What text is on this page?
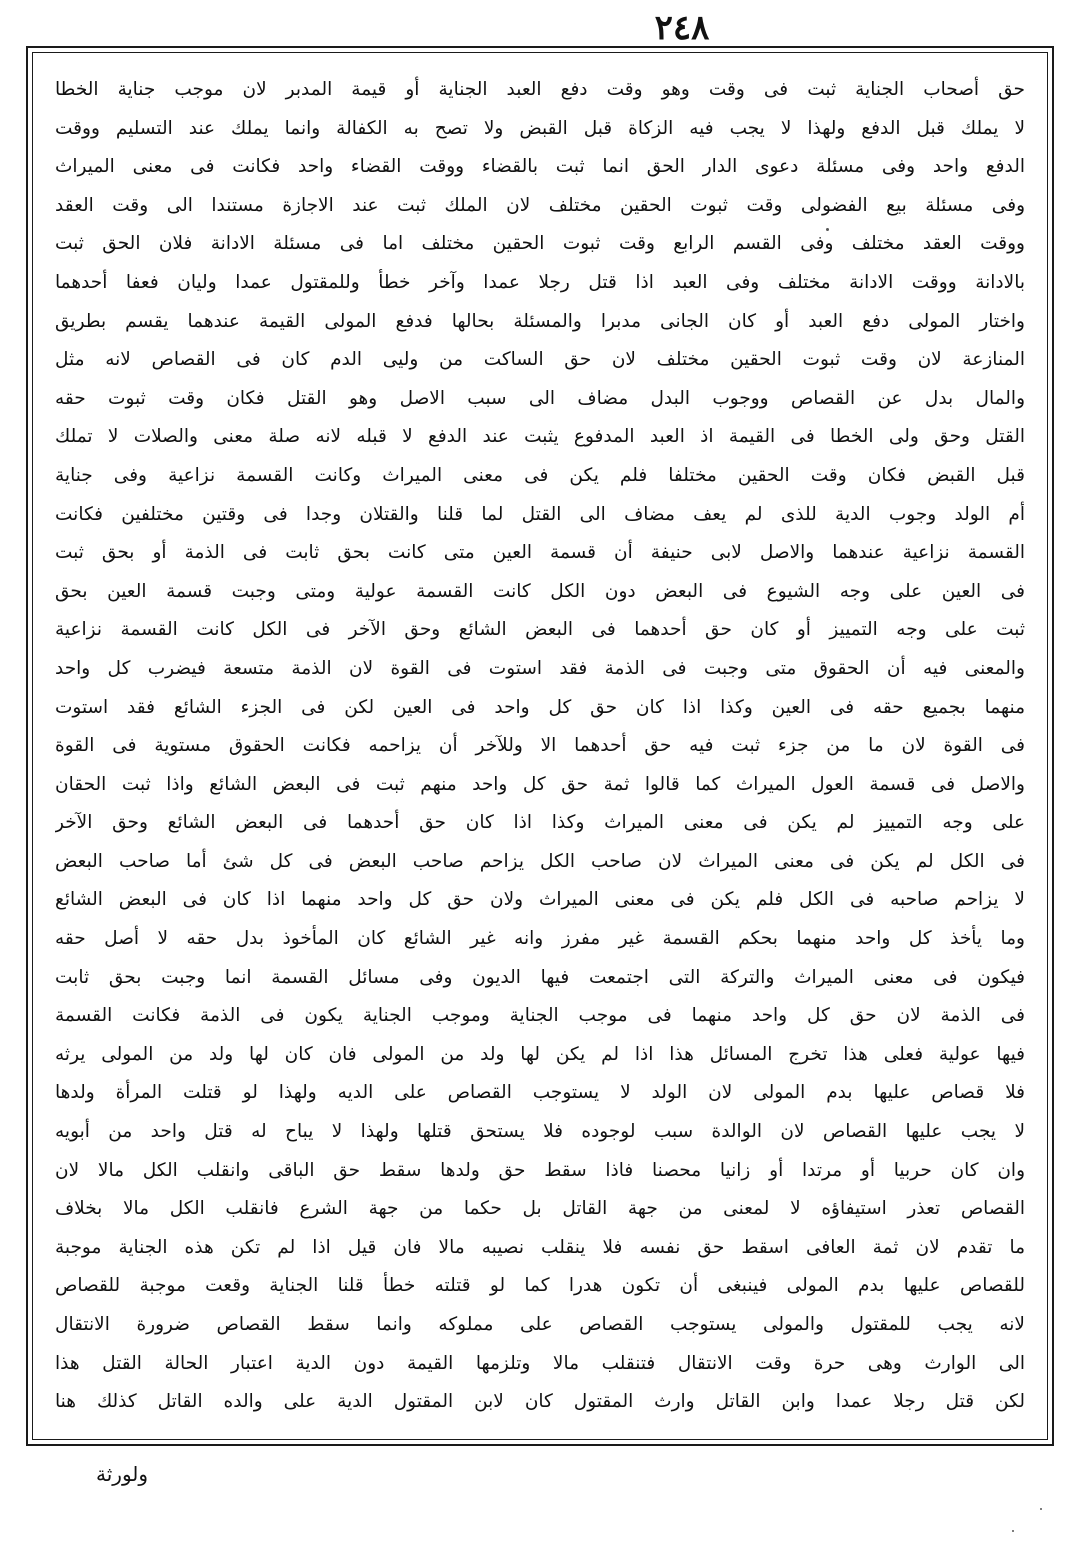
٢٤٨
حق أصحاب الجناية ثبت فى وقت وهو وقت دفع العبد الجناية أو قيمة المدبر لان موجب جناية الخطا
لا يملك قبل الدفع ولهذا لا يجب فيه الزكاة قبل القبض ولا تصح به الكفالة وانما يملك عند التسليم ووقت
الدفع واحد وفى مسئلة دعوى الدار الحق انما ثبت بالقضاء ووقت القضاء واحد فكانت فى معنى الميراث
وفى مسئلة بيع الفضولى وقت ثبوت الحقين مختلف لان الملك ثبت عند الاجازة مستندا الى وقت العقد
ووقت العقد مختلف وفى القسم الرابع وقت ثبوت الحقين مختلف اما فى مسئلة الادانة فلان الحق ثبت
بالادانة ووقت الادانة مختلف وفى العبد اذا قتل رجلا عمدا وآخر خطأ وللمقتول عمدا وليان فعفا أحدهما
واختار المولى دفع العبد أو كان الجانى مدبرا والمسئلة بحالها فدفع المولى القيمة عندهما يقسم بطريق
المنازعة لان وقت ثبوت الحقين مختلف لان حق الساكت من وليى الدم كان فى القصاص لانه مثل
والمال بدل عن القصاص ووجوب البدل مضاف الى سبب الاصل وهو القتل فكان وقت ثبوت حقه
القتل وحق ولى الخطا فى القيمة اذ العبد المدفوع يثبت عند الدفع لا قبله لانه صلة معنى والصلات لا تملك
قبل القبض فكان وقت الحقين مختلفا فلم يكن فى معنى الميراث وكانت القسمة نزاعية وفى جناية
أم الولد وجوب الدية للذى لم يعف مضاف الى القتل لما قلنا والقتلان وجدا فى وقتين مختلفين فكانت
القسمة نزاعية عندهما والاصل لابى حنيفة أن قسمة العين متى كانت بحق ثابت فى الذمة أو بحق ثبت
فى العين على وجه الشيوع فى البعض دون الكل كانت القسمة عولية ومتى وجبت قسمة العين بحق
ثبت على وجه التمييز أو كان حق أحدهما فى البعض الشائع وحق الآخر فى الكل كانت القسمة نزاعية
والمعنى فيه أن الحقوق متى وجبت فى الذمة فقد استوت فى القوة لان الذمة متسعة فيضرب كل واحد
منهما بجميع حقه فى العين وكذا اذا كان حق كل واحد فى العين لكن فى الجزء الشائع فقد استوت
فى القوة لان ما من جزء ثبت فيه حق أحدهما الا وللآخر أن يزاحمه فكانت الحقوق مستوية فى القوة
والاصل فى قسمة العول الميراث كما قالوا ثمة حق كل واحد منهم ثبت فى البعض الشائع واذا ثبت الحقان
على وجه التمييز لم يكن فى معنى الميراث وكذا اذا كان حق أحدهما فى البعض الشائع وحق الآخر
فى الكل لم يكن فى معنى الميراث لان صاحب الكل يزاحم صاحب البعض فى كل شئ أما صاحب البعض
لا يزاحم صاحبه فى الكل فلم يكن فى معنى الميراث ولان حق كل واحد منهما اذا كان فى البعض الشائع
وما يأخذ كل واحد منهما بحكم القسمة غير مفرز وانه غير الشائع كان المأخوذ بدل حقه لا أصل حقه
فيكون فى معنى الميراث والتركة التى اجتمعت فيها الديون وفى مسائل القسمة انما وجبت بحق ثابت
فى الذمة لان حق كل واحد منهما فى موجب الجناية وموجب الجناية يكون فى الذمة فكانت القسمة
فيها عولية فعلى هذا تخرج المسائل هذا اذا لم يكن لها ولد من المولى فان كان لها ولد من المولى يرثه
فلا قصاص عليها بدم المولى لان الولد لا يستوجب القصاص على الديه ولهذا لو قتلت المرأة ولدها
لا يجب عليها القصاص لان الوالدة سبب لوجوده فلا يستحق قتلها ولهذا لا يباح له قتل واحد من أبويه
وان كان حربيا أو مرتدا أو زانيا محصنا فاذا سقط حق ولدها سقط حق الباقى وانقلب الكل مالا لان
القصاص تعذر استيفاؤه لا لمعنى من جهة القاتل بل حكما من جهة الشرع فانقلب الكل مالا بخلاف
ما تقدم لان ثمة العافى اسقط حق نفسه فلا ينقلب نصيبه مالا فان قيل اذا لم تكن هذه الجناية موجبة
للقصاص عليها بدم المولى فينبغى أن تكون هدرا كما لو قتلته خطأ قلنا الجناية وقعت موجبة للقصاص
لانه يجب للمقتول والمولى يستوجب القصاص على مملوكه وانما سقط القصاص ضرورة الانتقال
الى الوارث وهى حرة وقت الانتقال فتنقلب مالا وتلزمها القيمة دون الدية اعتبار الحالة القتل هذا
لكن قتل رجلا عمدا وابن القاتل وارث المقتول كان لابن المقتول الدية على والده القاتل كذلك هنا
ولورثة
